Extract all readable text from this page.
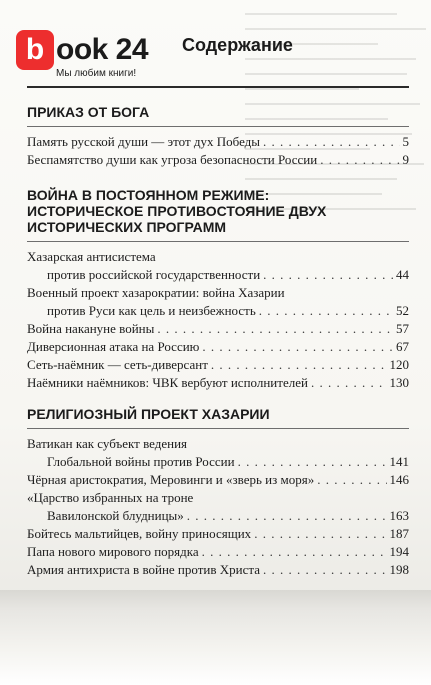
b ook 24
Мы любим книги!
Содержание
ПРИКАЗ ОТ БОГА
Память русской души — этот дух Победы . . .	5
Беспамятство души как угроза безопасности России . . .	9
ВОЙНА В ПОСТОЯННОМ РЕЖИМЕ:
ИСТОРИЧЕСКОЕ ПРОТИВОСТОЯНИЕ ДВУХ
ИСТОРИЧЕСКИХ ПРОГРАММ
Хазарская антисистема
против российской государственности . . .	44
Военный проект хазарократии: война Хазарии
против Руси как цель и неизбежность . . .	52
Война накануне войны . . .	57
Диверсионная атака на Россию . . .	67
Сеть-наёмник — сеть-диверсант . . .	120
Наёмники наёмников: ЧВК вербуют исполнителей . . .	130
РЕЛИГИОЗНЫЙ ПРОЕКТ ХАЗАРИИ
Ватикан как субъект ведения
Глобальной войны против России . . .	141
Чёрная аристократия, Меровинги и «зверь из моря» . . .	146
«Царство избранных на троне
Вавилонской блудницы» . . .	163
Бойтесь мальтийцев, войну приносящих . . .	187
Папа нового мирового порядка . . .	194
Армия антихриста в войне против Христа . . .	198
